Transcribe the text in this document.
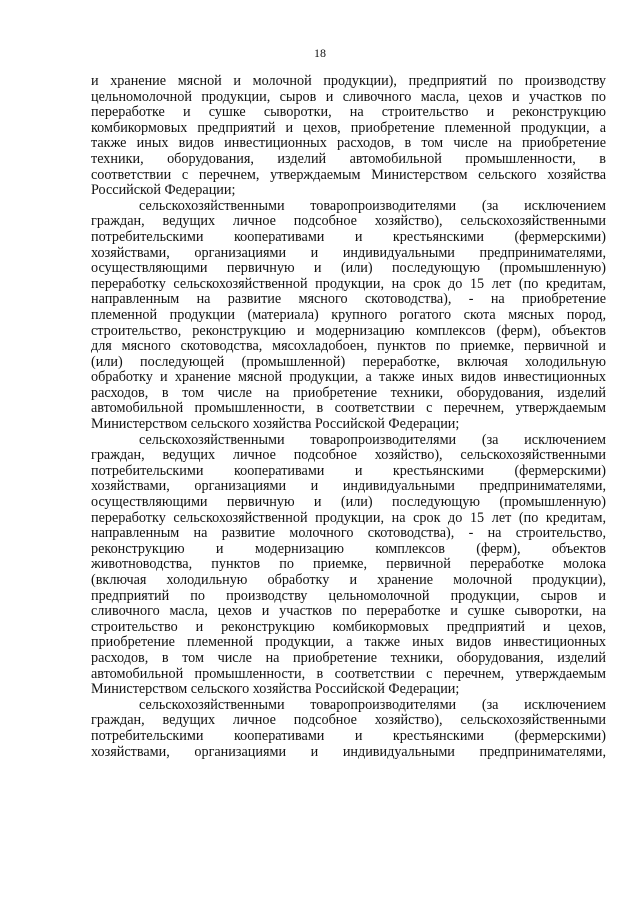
18

и хранение мясной и молочной продукции), предприятий по производству

цельномолочной продукции, сыров и сливочного масла, цехов и участков по

переработке и сушке сыворотки, на строительство и реконструкцию

комбикормовых предприятий и цехов, приобретение племенной продукции, а

также иных видов инвестиционных расходов, в том числе на приобретение

техники, оборудования, изделий автомобильной промышленности, в

соответствии с перечнем, утверждаемым Министерством сельского хозяйства

Российской Федерации;

сельскохозяйственными товаропроизводителями (за исключением

граждан, ведущих личное подсобное хозяйство), сельскохозяйственными

потребительскими кооперативами и крестьянскими (фермерскими)

хозяйствами, организациями и индивидуальными предпринимателями,

осуществляющими первичную и (или) последующую (промышленную)

переработку сельскохозяйственной продукции, на срок до 15 лет (по кредитам,

направленным на развитие мясного скотоводства), - на приобретение

племенной продукции (материала) крупного рогатого скота мясных пород,

строительство, реконструкцию и модернизацию комплексов (ферм), объектов

для мясного скотоводства, мясохладобоен, пунктов по приемке, первичной и

(или) последующей (промышленной) переработке, включая холодильную

обработку и хранение мясной продукции, а также иных видов инвестиционных

расходов, в том числе на приобретение техники, оборудования, изделий

автомобильной промышленности, в соответствии с перечнем, утверждаемым

Министерством сельского хозяйства Российской Федерации;

сельскохозяйственными товаропроизводителями (за исключением

граждан, ведущих личное подсобное хозяйство), сельскохозяйственными

потребительскими кооперативами и крестьянскими (фермерскими)

хозяйствами, организациями и индивидуальными предпринимателями,

осуществляющими первичную и (или) последующую (промышленную)

переработку сельскохозяйственной продукции, на срок до 15 лет (по кредитам,

направленным на развитие молочного скотоводства), - на строительство,

реконструкцию и модернизацию комплексов (ферм), объектов

животноводства, пунктов по приемке, первичной переработке молока

(включая холодильную обработку и хранение молочной продукции),

предприятий по производству цельномолочной продукции, сыров и

сливочного масла, цехов и участков по переработке и сушке сыворотки, на

строительство и реконструкцию комбикормовых предприятий и цехов,

приобретение племенной продукции, а также иных видов инвестиционных

расходов, в том числе на приобретение техники, оборудования, изделий

автомобильной промышленности, в соответствии с перечнем, утверждаемым

Министерством сельского хозяйства Российской Федерации;

сельскохозяйственными товаропроизводителями (за исключением

граждан, ведущих личное подсобное хозяйство), сельскохозяйственными

потребительскими кооперативами и крестьянскими (фермерскими)

хозяйствами, организациями и индивидуальными предпринимателями,
